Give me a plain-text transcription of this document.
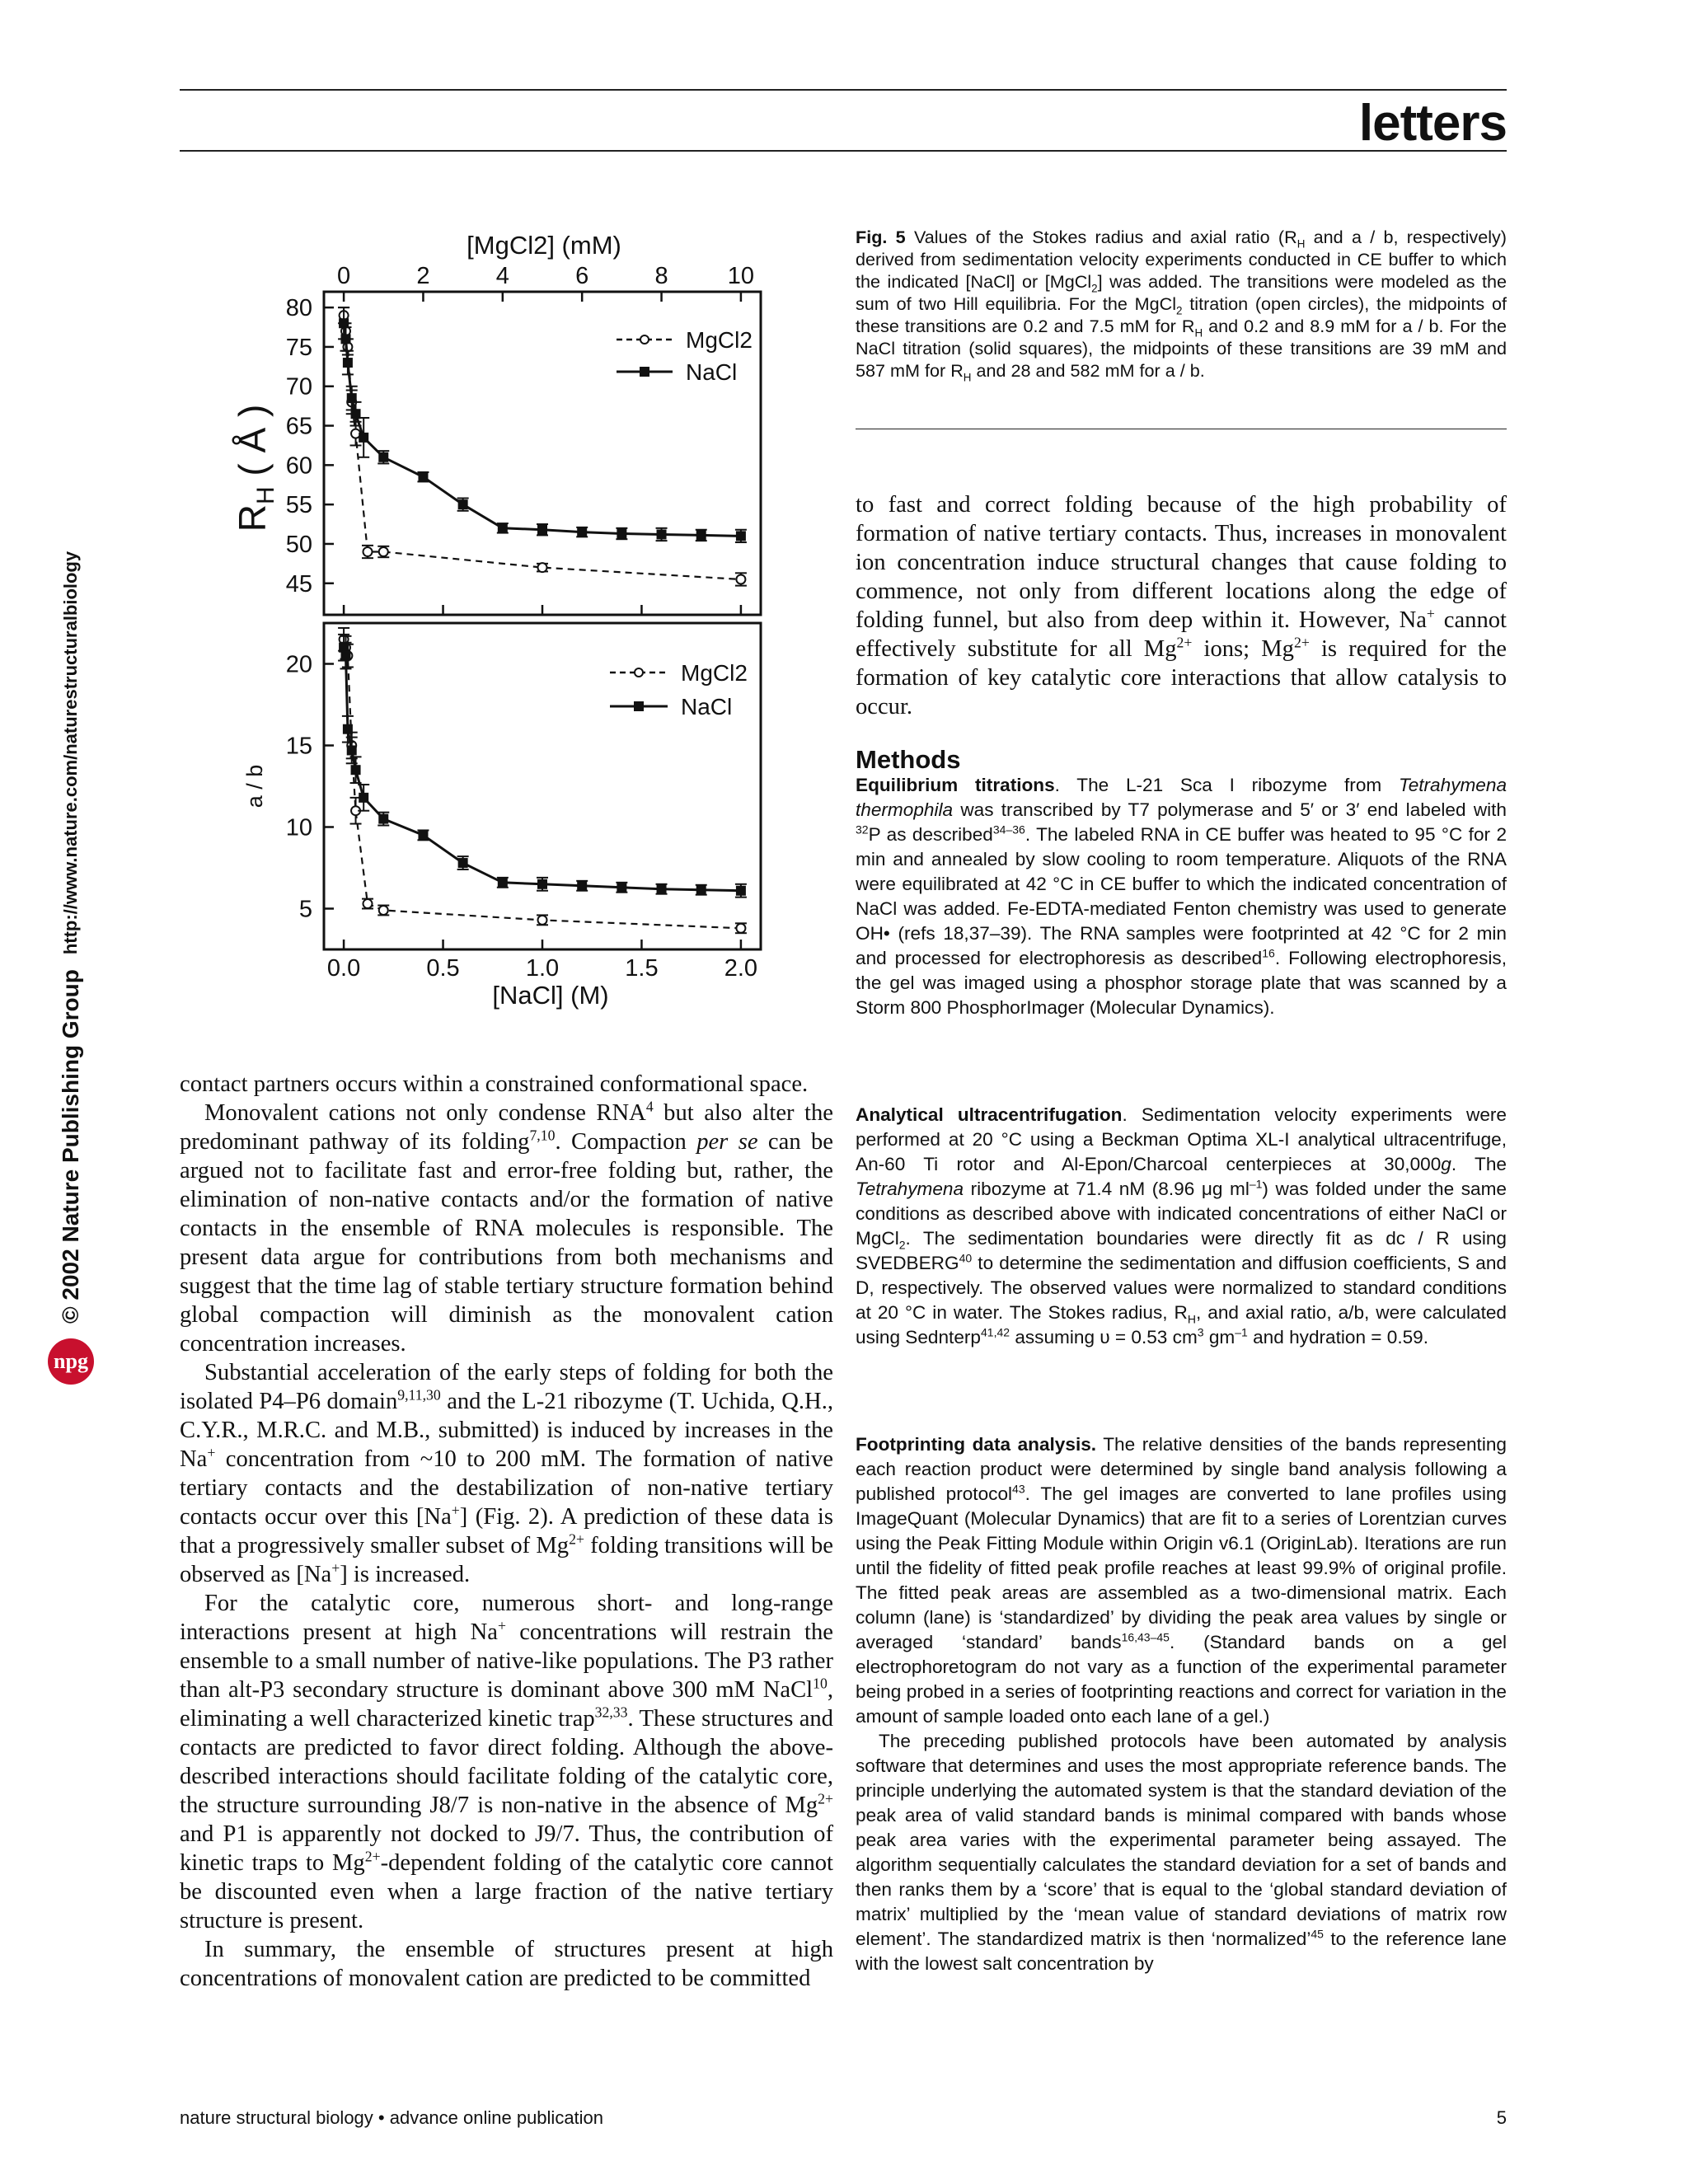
letters
npg
© 2002 Nature Publishing Group
http://www.nature.com/naturestructuralbiology
[MgCl2] (mM)
0	2	4	6	8 10
45
50
55
60
65
70
75
80
5
10
15
20
$R_H$ ( Å )
a / b
0.0	0.5	1.0	1.5	2.0
[NaCl] (M)
MgCl2
NaCl
MgCl2
NaCl
Fig. 5 Values of the Stokes radius and axial ratio ($R_H$ and a / b, respectively) derived from sedimentation velocity experiments conducted in CE buffer to which the indicated [NaCl] or [MgCl$_2$] was added. The transitions were modeled as the sum of two Hill equilibria. For the MgCl$_2$ titration (open circles), the midpoints of these transitions are 0.2 and 7.5 mM for $R_H$ and 0.2 and 8.9 mM for a / b. For the NaCl titration (solid squares), the midpoints of these transitions are 39 mM and 587 mM for $R_H$ and 28 and 582 mM for a / b.

to fast and correct folding because of the high probability of formation of native tertiary contacts. Thus, increases in monovalent ion concentration induce structural changes that cause folding to commence, not only from different locations along the edge of folding funnel, but also from deep within it. However, Na+ cannot effectively substitute for all $Mg^{2+}$ ions; $Mg^{2+}$ is required for the formation of key catalytic core interactions that allow catalysis to occur.

Methods

Equilibrium titrations. The L-21 Sca I ribozyme from Tetrahymena thermophila was transcribed by T7 polymerase and 5′ or 3′ end labeled with $^{32}$P as described$^{34-36}$. The labeled RNA in CE buffer was heated to 95 °C for 2 min and annealed by slow cooling to room temperature. Aliquots of the RNA were equilibrated at 42 °C in CE buffer to which the indicated concentration of NaCl was added. Fe-EDTA-mediated Fenton chemistry was used to generate OH• (refs 18,37–39). The RNA samples were footprinted at 42 °C for 2 min and processed for electrophoresis as described$^{16}$. Following electrophoresis, the gel was imaged using a phosphor storage plate that was scanned by a Storm 800 PhosphorImager (Molecular Dynamics).

Analytical ultracentrifugation. Sedimentation velocity experiments were performed at 20 °C using a Beckman Optima XL-I analytical ultracentrifuge, An-60 Ti rotor and Al-Epon/Charcoal centerpieces at 30,000g. The Tetrahymena ribozyme at 71.4 nM (8.96 μg $ml^{-1}$) was folded under the same conditions as described above with indicated concentrations of either NaCl or MgCl$_2$. The sedimentation boundaries were directly fit as dc / R using SVEDBERG$^{40}$ to determine the sedimentation and diffusion coefficients, S and D, respectively. The observed values were normalized to standard conditions at 20 °C in water. The Stokes radius, $R_H$, and axial ratio, a/b, were calculated using Sednterp$^{41,42}$ assuming υ = 0.53 $cm^3$ $gm^{-1}$ and hydration = 0.59.

Footprinting data analysis. The relative densities of the bands representing each reaction product were determined by single band analysis following a published protocol$^{43}$. The gel images are converted to lane profiles using ImageQuant (Molecular Dynamics) that are fit to a series of Lorentzian curves using the Peak Fitting Module within Origin v6.1 (OriginLab). Iterations are run until the fidelity of fitted peak profile reaches at least 99.9% of original profile. The fitted peak areas are assembled as a two-dimensional matrix. Each column (lane) is ‘standardized’ by dividing the peak area values by single or averaged ‘standard’ bands$^{16,43-45}$. (Standard bands on a gel electrophoretogram do not vary as a function of the experimental parameter being probed in a series of footprinting reactions and correct for variation in the amount of sample loaded onto each lane of a gel.)

The preceding published protocols have been automated by analysis software that determines and uses the most appropriate reference bands. The principle underlying the automated system is that the standard deviation of the peak area of valid standard bands is minimal compared with bands whose peak area varies with the experimental parameter being assayed. The algorithm sequentially calculates the standard deviation for a set of bands and then ranks them by a ‘score’ that is equal to the ‘global standard deviation of matrix’ multiplied by the ‘mean value of standard deviations of matrix row element’. The standardized matrix is then ‘normalized’$^{45}$ to the reference lane with the lowest salt concentration by

contact partners occurs within a constrained conformational space.

Monovalent cations not only condense RNA$^4$ but also alter the predominant pathway of its folding$^{7,10}$. Compaction per se can be argued not to facilitate fast and error-free folding but, rather, the elimination of non-native contacts and/or the formation of native contacts in the ensemble of RNA molecules is responsible. The present data argue for contributions from both mechanisms and suggest that the time lag of stable tertiary structure formation behind global compaction will diminish as the monovalent cation concentration increases.

Substantial acceleration of the early steps of folding for both the isolated P4–P6 domain$^{9,11,30}$ and the L-21 ribozyme (T. Uchida, Q.H., C.Y.R., M.R.C. and M.B., submitted) is induced by increases in the Na+ concentration from ~10 to 200 mM. The formation of native tertiary contacts and the destabilization of non-native tertiary contacts occur over this [Na+] (Fig. 2). A prediction of these data is that a progressively smaller subset of $Mg^{2+}$ folding transitions will be observed as [Na+] is increased.

For the catalytic core, numerous short- and long-range interactions present at high Na+ concentrations will restrain the ensemble to a small number of native-like populations. The P3 rather than alt-P3 secondary structure is dominant above 300 mM NaCl$^{10}$, eliminating a well characterized kinetic trap$^{32,33}$. These structures and contacts are predicted to favor direct folding. Although the above-described interactions should facilitate folding of the catalytic core, the structure surrounding J8/7 is non-native in the absence of $Mg^{2+}$ and P1 is apparently not docked to J9/7. Thus, the contribution of kinetic traps to $Mg^{2+}$-dependent folding of the catalytic core cannot be discounted even when a large fraction of the native tertiary structure is present.

In summary, the ensemble of structures present at high concentrations of monovalent cation are predicted to be committed

nature structural biology • advance online publication	5
